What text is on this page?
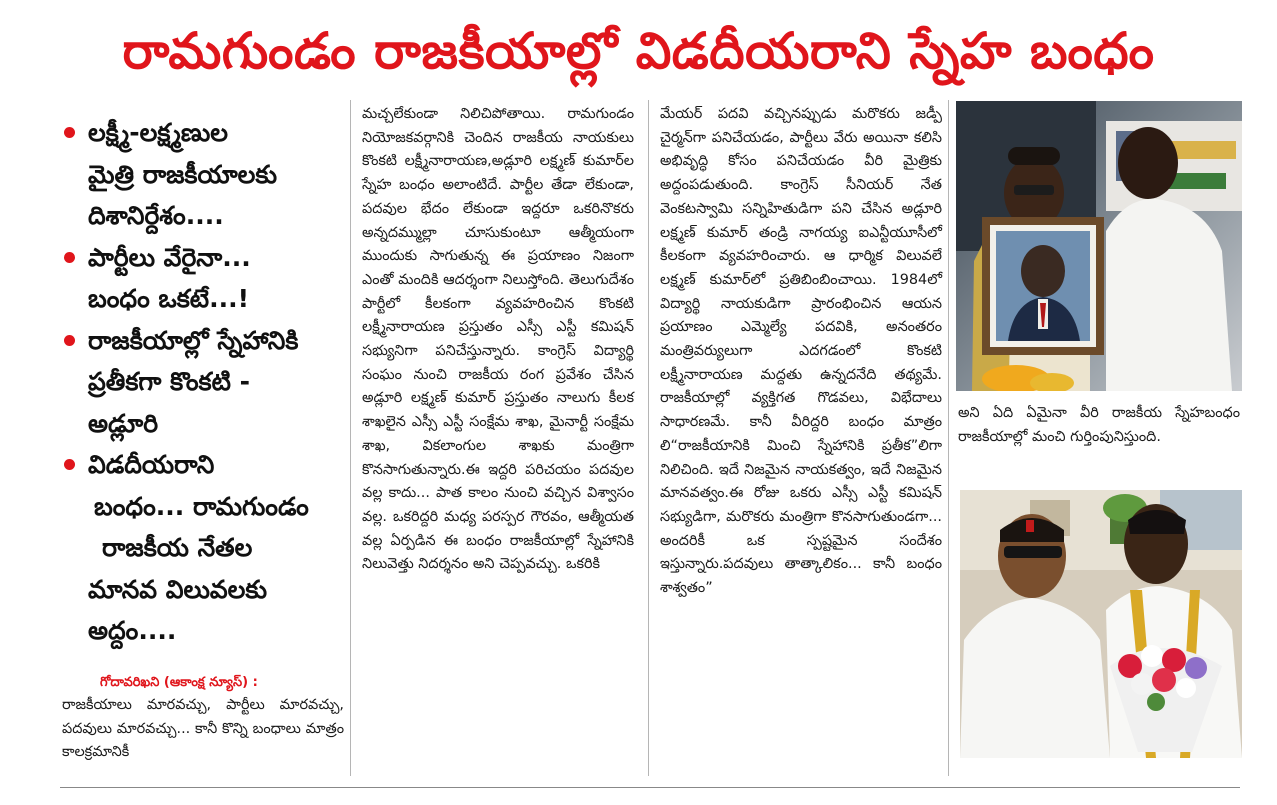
రామగుండం రాజకీయాల్లో విడదీయరాని స్నేహ బంధం

లక్ష్మీ-లక్ష్మణుల

మైత్రి రాజకీయాలకు

దిశానిర్దేశం....

పార్టీలు వేరైనా...

బంధం ఒకటే...!

రాజకీయాల్లో స్నేహానికి

ప్రతీకగా కొంకటి -

అడ్లూరి

విడదీయరాని

బంధం... రామగుండం

రాజకీయ నేతల

మానవ విలువలకు

అద్దం....

గోదావరిఖని (ఆకాంక్ష న్యూస్) :

రాజకీయాలు మారవచ్చు, పార్టీలు మారవచ్చు, పదవులు మారవచ్చు... కానీ కొన్ని బంధాలు మాత్రం కాలక్రమానికీ

మచ్చలేకుండా నిలిచిపోతాయి. రామగుండం నియోజకవర్గానికి చెందిన రాజకీయ నాయకులు కొంకటి లక్ష్మీనారాయణ,అడ్లూరి లక్ష్మణ్ కుమార్‌ల స్నేహ బంధం అలాంటిదే. పార్టీల తేడా లేకుండా, పదవుల భేదం లేకుండా ఇద్దరూ ఒకరినొకరు అన్నదమ్ముల్లా చూసుకుంటూ ఆత్మీయంగా ముందుకు సాగుతున్న ఈ ప్రయాణం నిజంగా ఎంతో మందికి ఆదర్శంగా నిలుస్తోంది. తెలుగుదేశం పార్టీలో కీలకంగా వ్యవహరించిన కొంకటి లక్ష్మీనారాయణ ప్రస్తుతం ఎస్సీ ఎస్టీ కమిషన్ సభ్యునిగా పనిచేస్తున్నారు. కాంగ్రెస్ విద్యార్థి సంఘం నుంచి రాజకీయ రంగ ప్రవేశం చేసిన అడ్లూరి లక్ష్మణ్ కుమార్ ప్రస్తుతం నాలుగు కీలక శాఖలైన ఎస్సీ ఎస్టీ సంక్షేమ శాఖ, మైనార్టీ సంక్షేమ శాఖ, వికలాంగుల శాఖకు మంత్రిగా కొనసాగుతున్నారు.ఈ ఇద్దరి పరిచయం పదవుల వల్ల కాదు... పాత కాలం నుంచి వచ్చిన విశ్వాసం వల్ల. ఒకరిద్దరి మధ్య పరస్పర గౌరవం, ఆత్మీయత వల్ల ఏర్పడిన ఈ బంధం రాజకీయాల్లో స్నేహానికి నిలువెత్తు నిదర్శనం అని చెప్పవచ్చు. ఒకరికి

మేయర్ పదవి వచ్చినప్పుడు మరొకరు జడ్పీ చైర్మన్‌గా పనిచేయడం, పార్టీలు వేరు అయినా కలిసి అభివృద్ధి కోసం పనిచేయడం వీరి మైత్రికు అద్దంపడుతుంది. కాంగ్రెస్ సీనియర్ నేత వెంకటస్వామి సన్నిహితుడిగా పని చేసిన అడ్లూరి లక్ష్మణ్ కుమార్ తండ్రి నాగయ్య ఐఎన్టీయూసీలో కీలకంగా వ్యవహరించారు. ఆ ధార్మిక విలువలే లక్ష్మణ్ కుమార్‌లో ప్రతిబింబించాయి. 1984లో విద్యార్థి నాయకుడిగా ప్రారంభించిన ఆయన ప్రయాణం ఎమ్మెల్యే పదవికి, అనంతరం మంత్రివర్యులుగా ఎదగడంలో కొంకటి లక్ష్మీనారాయణ మద్దతు ఉన్నదనేది తథ్యమే. రాజకీయాల్లో వ్యక్తిగత గొడవలు, విభేదాలు సాధారణమే. కానీ వీరిద్దరి బంధం మాత్రం లి“రాజకీయానికి మించి స్నేహానికి ప్రతీక”లిగా నిలిచింది. ఇదే నిజమైన నాయకత్వం, ఇదే నిజమైన మానవత్వం.ఈ రోజు ఒకరు ఎస్సీ ఎస్టీ కమిషన్ సభ్యుడిగా, మరొకరు మంత్రిగా కొనసాగుతుండగా... అందరికీ ఒక స్పష్టమైన సందేశం ఇస్తున్నారు.పదవులు తాత్కాలికం... కానీ బంధం శాశ్వతం”

అని ఏది ఏమైనా వీరి రాజకీయ స్నేహబంధం రాజకీయాల్లో మంచి గుర్తింపునిస్తుంది.
